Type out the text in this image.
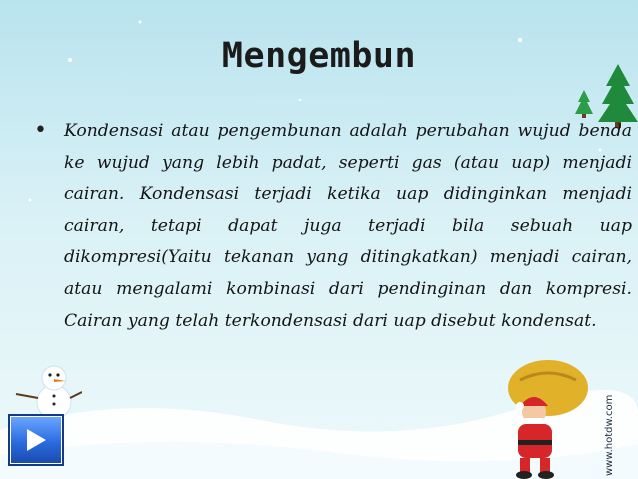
Mengembun
• Kondensasi atau pengembunan adalah perubahan wujud benda ke wujud yang lebih padat, seperti gas (atau uap) menjadi cairan. Kondensasi terjadi ketika uap didinginkan menjadi cairan, tetapi dapat juga terjadi bila sebuah uap dikompresi(Yaitu tekanan yang ditingkatkan) menjadi cairan, atau mengalami kombinasi dari pendinginan dan kompresi. Cairan yang telah terkondensasi dari uap disebut kondensat.
www.hotdw.com
